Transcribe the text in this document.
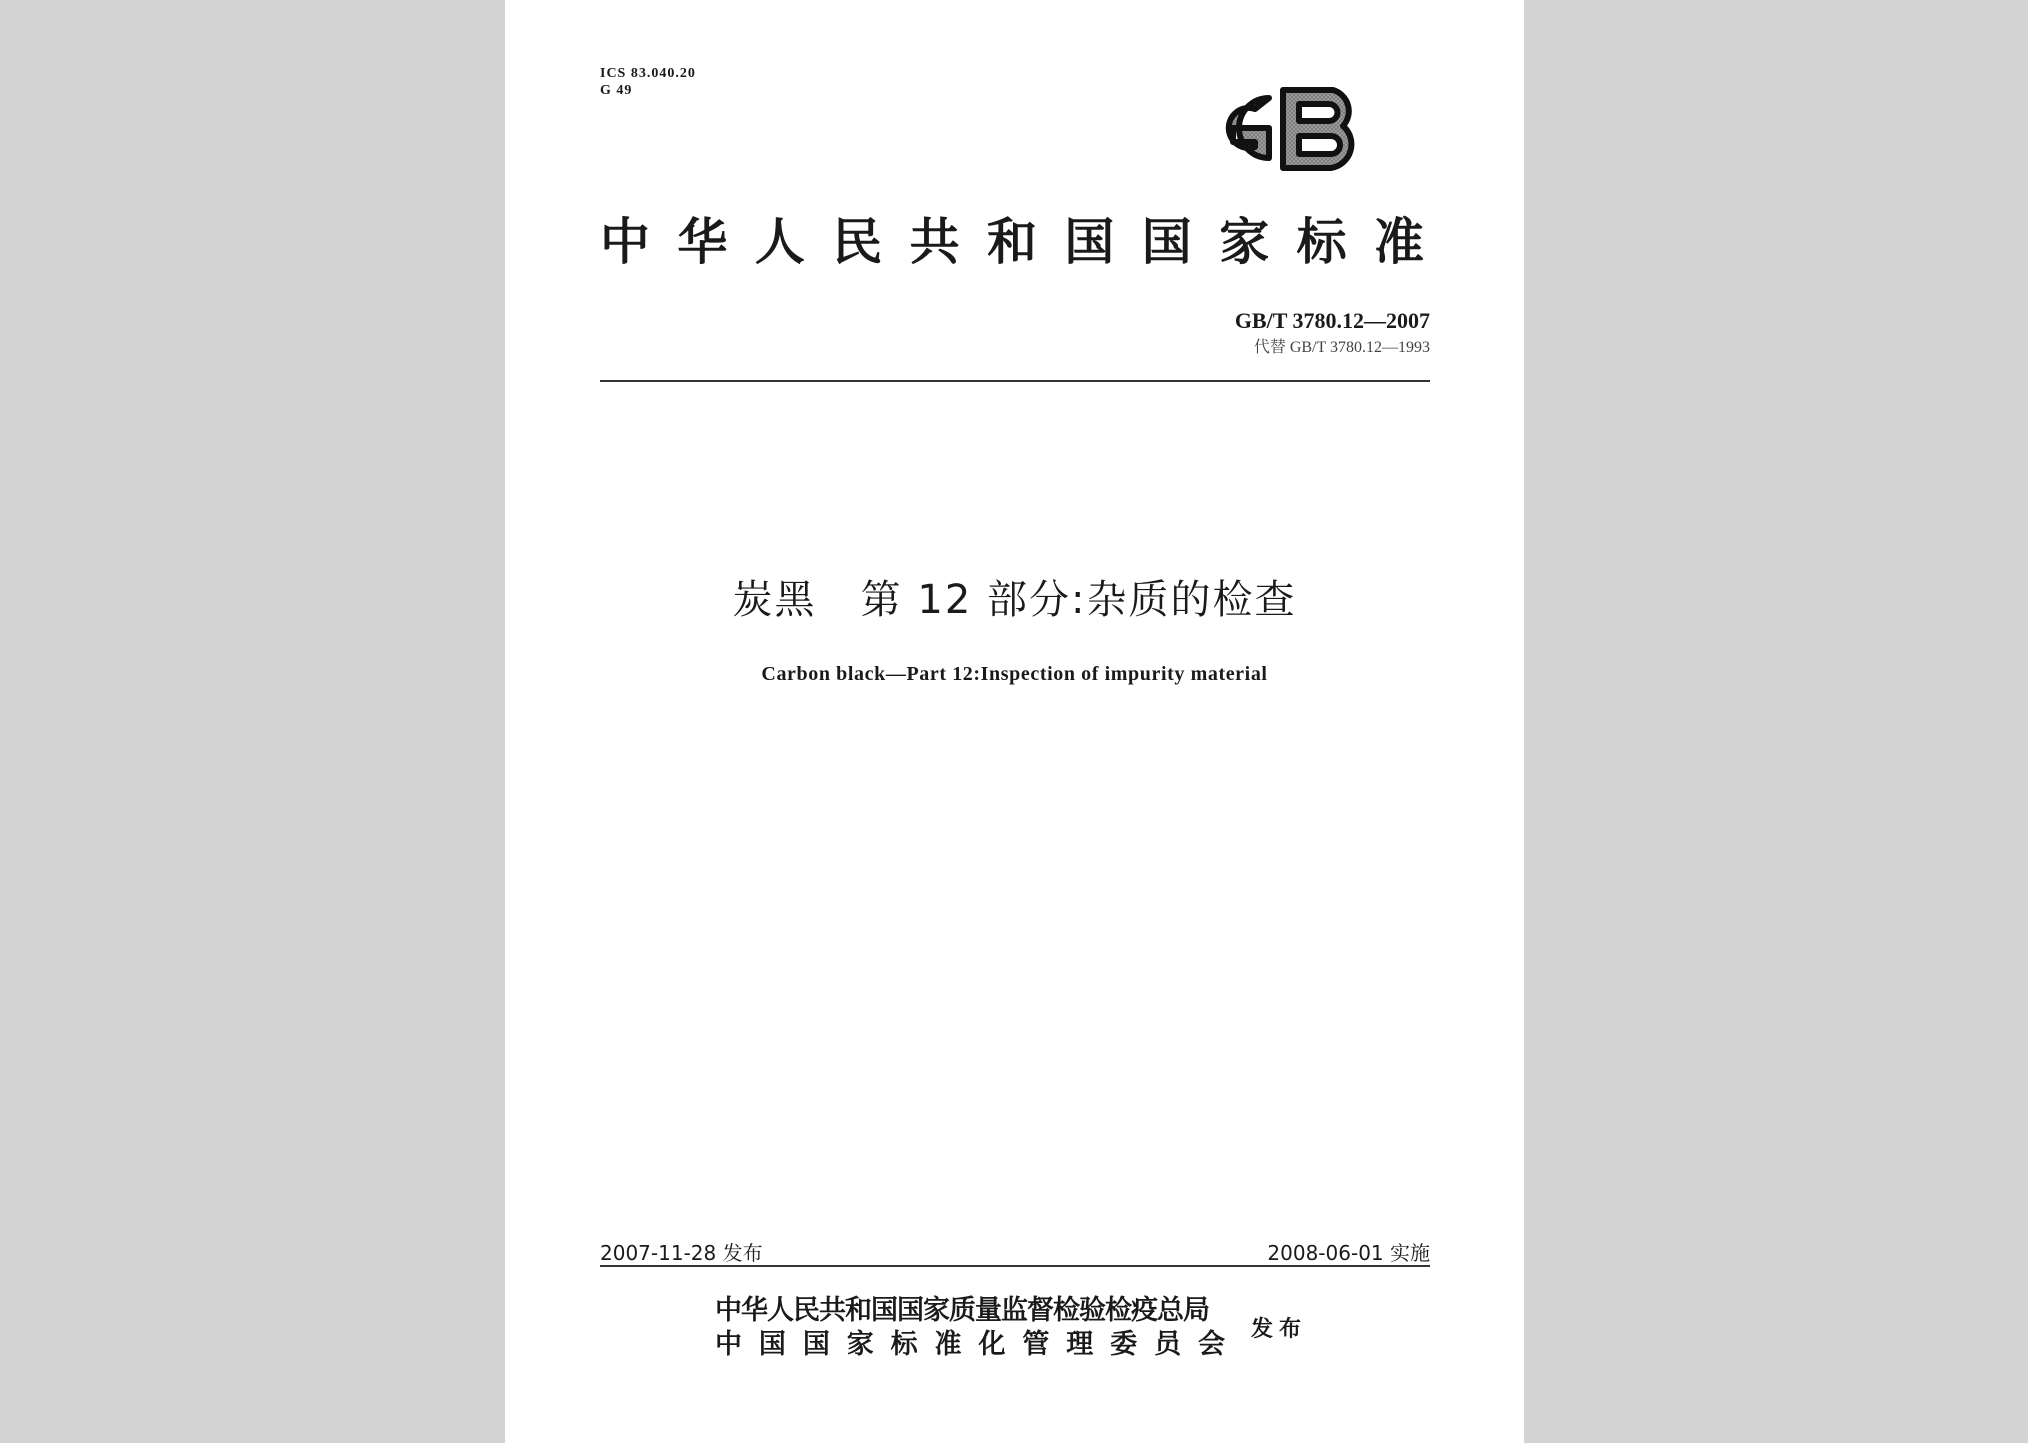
ICS 83.040.20
G 49
GB
中华人民共和国国家标准
GB/T 3780.12—2007
代替 GB/T 3780.12—1993
炭黑   第 12 部分:杂质的检查
Carbon black—Part 12:Inspection of impurity material
2007-11-28 发布	2008-06-01 实施
中华人民共和国国家质量监督检验检疫总局
中国国家标准化管理委员会 发布
